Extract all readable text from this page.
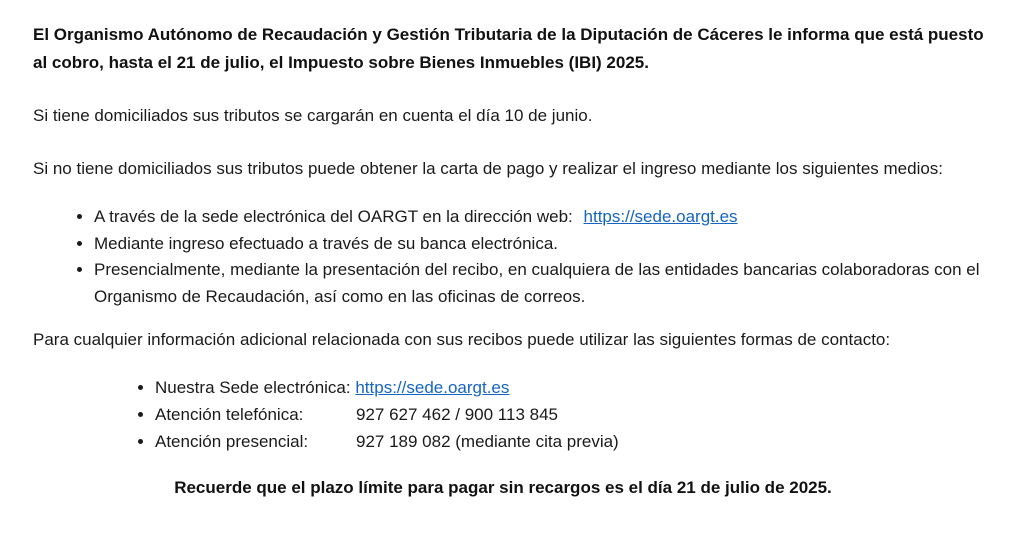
El Organismo Autónomo de Recaudación y Gestión Tributaria de la Diputación de Cáceres le informa que está puesto al cobro, hasta el 21 de julio, el Impuesto sobre Bienes Inmuebles (IBI) 2025.

Si tiene domiciliados sus tributos se cargarán en cuenta el día 10 de junio.

Si no tiene domiciliados sus tributos puede obtener la carta de pago y realizar el ingreso mediante los siguientes medios:

• A través de la sede electrónica del OARGT en la dirección web: https://sede.oargt.es
• Mediante ingreso efectuado a través de su banca electrónica.
• Presencialmente, mediante la presentación del recibo, en cualquiera de las entidades bancarias colaboradoras con el Organismo de Recaudación, así como en las oficinas de correos.

Para cualquier información adicional relacionada con sus recibos puede utilizar las siguientes formas de contacto:

• Nuestra Sede electrónica: https://sede.oargt.es
• Atención telefónica:	927 627 462 / 900 113 845
• Atención presencial:	927 189 082 (mediante cita previa)

Recuerde que el plazo límite para pagar sin recargos es el día 21 de julio de 2025.
